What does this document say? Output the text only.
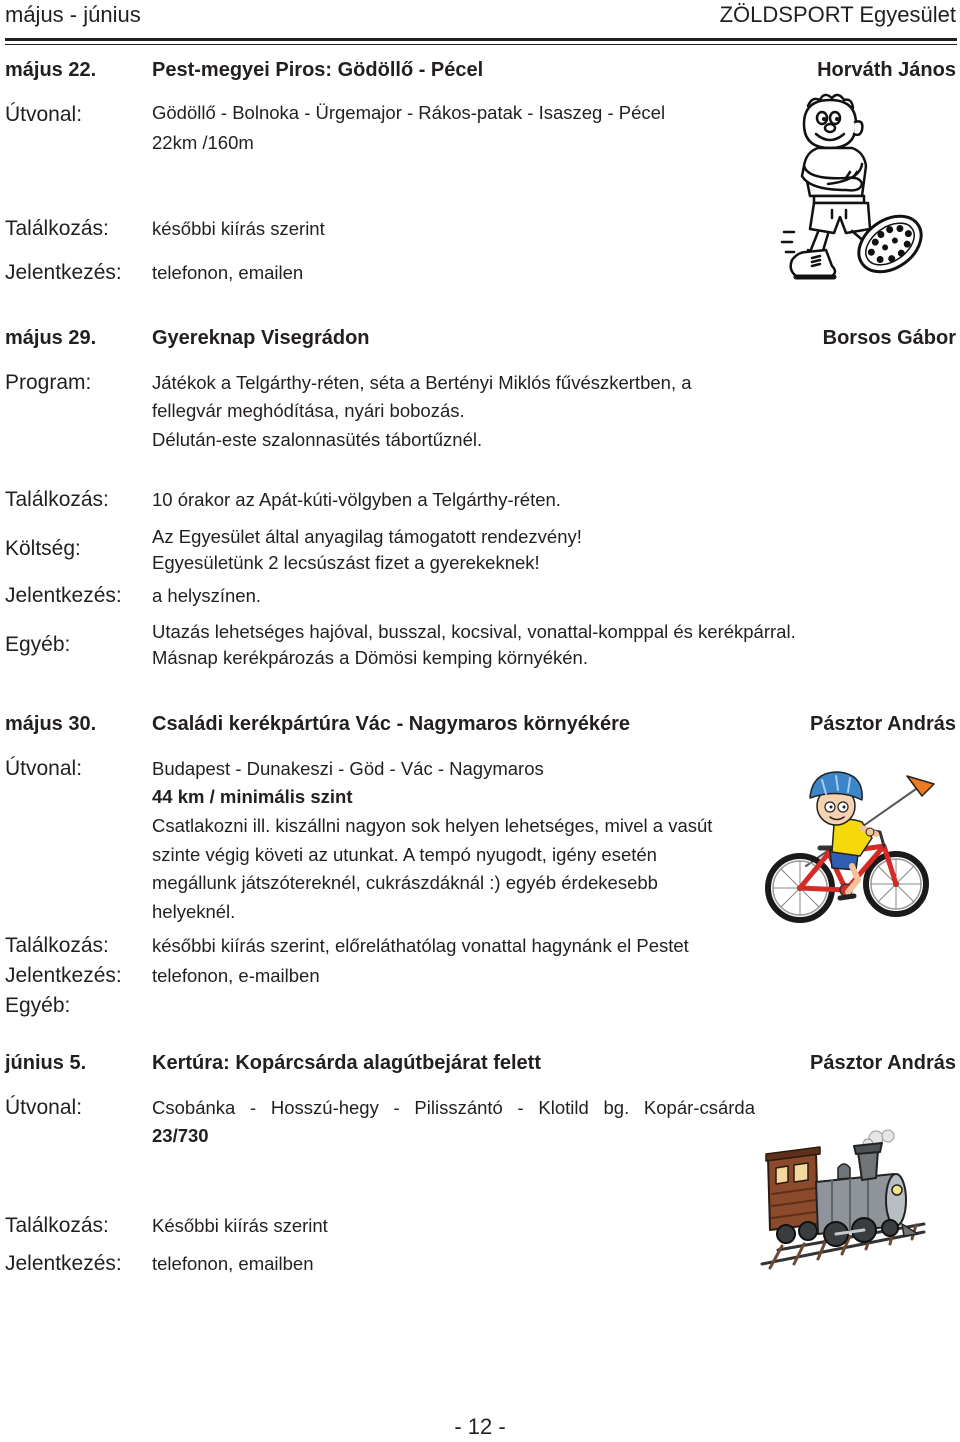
május - június	ZÖLDSPORT Egyesület
május 22.	Pest-megyei Piros: Gödöllő - Pécel	Horváth János
Útvonal:	Gödöllő - Bolnoka - Ürgemajor - Rákos-patak - Isaszeg - Pécel
22km /160m
Találkozás: későbbi kiírás szerint
Jelentkezés: telefonon, emailen
május 29.	Gyereknap Visegrádon	Borsos Gábor
Program:	Játékok a Telgárthy-réten, séta a Bertényi Miklós fűvészkertben, a
fellegvár meghódítása, nyári bobozás.
Délután-este szalonnasütés tábortűznél.
Találkozás: 10 órakor az Apát-kúti-völgyben a Telgárthy-réten.
Költség:
Az Egyesület által anyagilag támogatott rendezvény!
Egyesületünk 2 lecsúszást fizet a gyerekeknek!
Jelentkezés: a helyszínen.
Egyéb:
Utazás lehetséges hajóval, busszal, kocsival, vonattal-komppal és kerékpárral.
Másnap kerékpározás a Dömösi kemping környékén.
május 30.	Családi kerékpártúra Vác - Nagymaros környékére	Pásztor András
Útvonal:	Budapest - Dunakeszi - Göd - Vác - Nagymaros
44 km / minimális szint
Csatlakozni ill. kiszállni nagyon sok helyen lehetséges, mivel a vasút
szinte végig követi az utunkat. A tempó nyugodt, igény esetén
megállunk játszótereknél, cukrászdáknál :) egyéb érdekesebb
helyeknél.
Találkozás: későbbi kiírás szerint, előreláthatólag vonattal hagynánk el Pestet
Jelentkezés: telefonon, e-mailben
Egyéb:
június 5.	Kertúra: Kopárcsárda alagútbejárat felett	Pásztor András
Útvonal:	Csobánka - Hosszú-hegy - Pilisszántó - Klotild bg. Kopár-csárda
23/730
Találkozás: Későbbi kiírás szerint
Jelentkezés: telefonon, emailben
- 12 -
